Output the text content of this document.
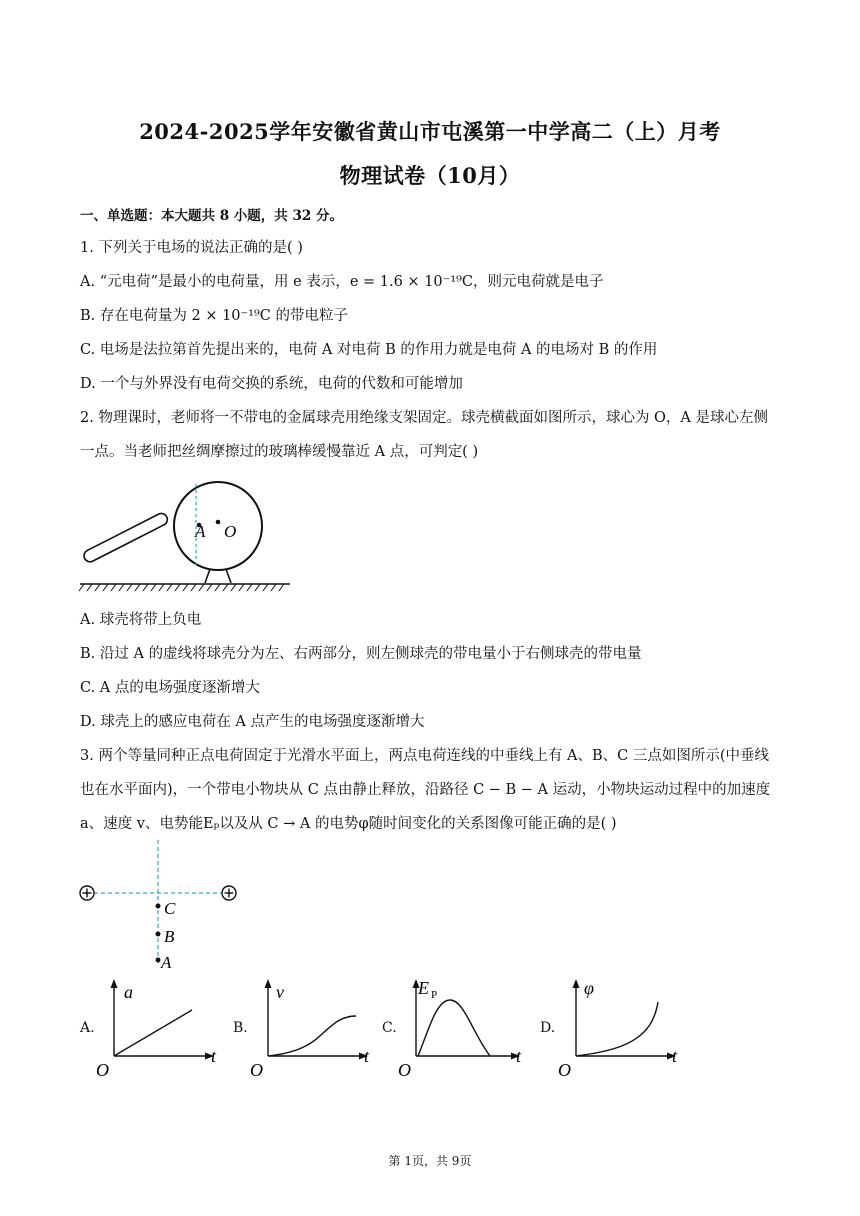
2024-2025学年安徽省黄山市屯溪第一中学高二（上）月考
物理试卷（10月）
一、单选题：本大题共 8 小题，共 32 分。
1. 下列关于电场的说法正确的是( )
A. “元电荷”是最小的电荷量，用 e 表示，e = 1.6 × 10⁻¹⁹C，则元电荷就是电子
B. 存在电荷量为 2 × 10⁻¹⁹C 的带电粒子
C. 电场是法拉第首先提出来的，电荷 A 对电荷 B 的作用力就是电荷 A 的电场对 B 的作用
D. 一个与外界没有电荷交换的系统，电荷的代数和可能增加
2. 物理课时，老师将一不带电的金属球壳用绝缘支架固定。球壳横截面如图所示，球心为 O，A 是球心左侧
一点。当老师把丝绸摩擦过的玻璃棒缓慢靠近 A 点，可判定( )
A O
A. 球壳将带上负电
B. 沿过 A 的虚线将球壳分为左、右两部分，则左侧球壳的带电量小于右侧球壳的带电量
C. A 点的电场强度逐渐增大
D. 球壳上的感应电荷在 A 点产生的电场强度逐渐增大
3. 两个等量同种正点电荷固定于光滑水平面上，两点电荷连线的中垂线上有 A、B、C 三点如图所示(中垂线
也在水平面内)，一个带电小物块从 C 点由静止释放，沿路径 C − B − A 运动，小物块运动过程中的加速度
a、速度 v、电势能Eₚ以及从 C → A 的电势φ随时间变化的关系图像可能正确的是( )
C
B
A
A.	B.	C.	D.
a
t
O
v
t
O
E P
t
O
φ
t
O
第 1页，共 9页
